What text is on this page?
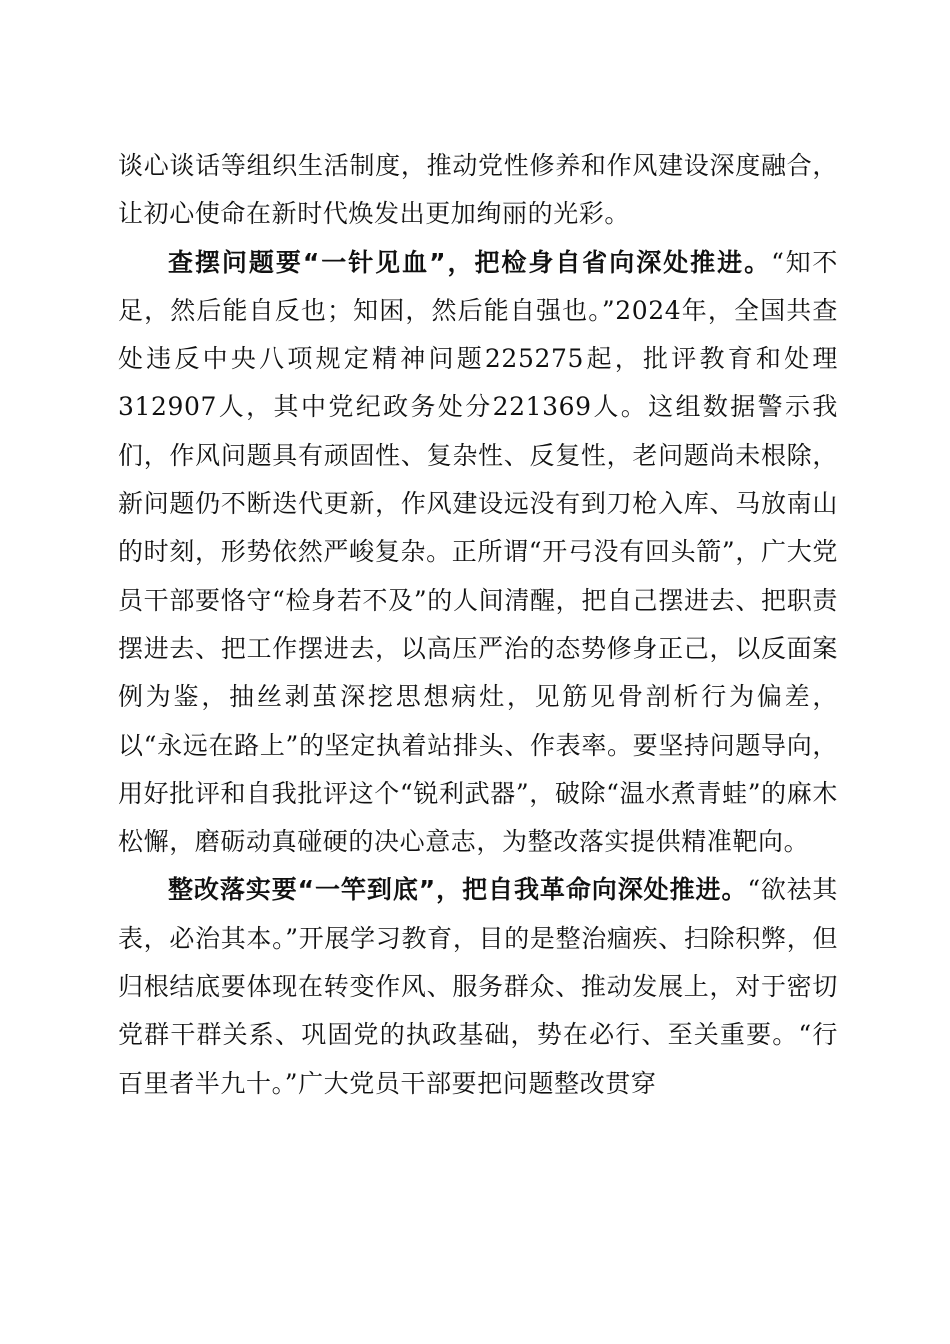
谈心谈话等组织生活制度，推动党性修养和作风建设深度融合，让初心使命在新时代焕发出更加绚丽的光彩。

查摆问题要“一针见血”，把检身自省向深处推进。“知不足，然后能自反也；知困，然后能自强也。”2024年，全国共查处违反中央八项规定精神问题225275起，批评教育和处理312907人，其中党纪政务处分221369人。这组数据警示我们，作风问题具有顽固性、复杂性、反复性，老问题尚未根除，新问题仍不断迭代更新，作风建设远没有到刀枪入库、马放南山的时刻，形势依然严峻复杂。正所谓“开弓没有回头箭”，广大党员干部要恪守“检身若不及”的人间清醒，把自己摆进去、把职责摆进去、把工作摆进去，以高压严治的态势修身正己，以反面案例为鉴，抽丝剥茧深挖思想病灶，见筋见骨剖析行为偏差，以“永远在路上”的坚定执着站排头、作表率。要坚持问题导向，用好批评和自我批评这个“锐利武器”，破除“温水煮青蛙”的麻木松懈，磨砺动真碰硬的决心意志，为整改落实提供精准靶向。

整改落实要“一竿到底”，把自我革命向深处推进。“欲祛其表，必治其本。”开展学习教育，目的是整治痼疾、扫除积弊，但归根结底要体现在转变作风、服务群众、推动发展上，对于密切党群干群关系、巩固党的执政基础，势在必行、至关重要。“行百里者半九十。”广大党员干部要把问题整改贯穿
